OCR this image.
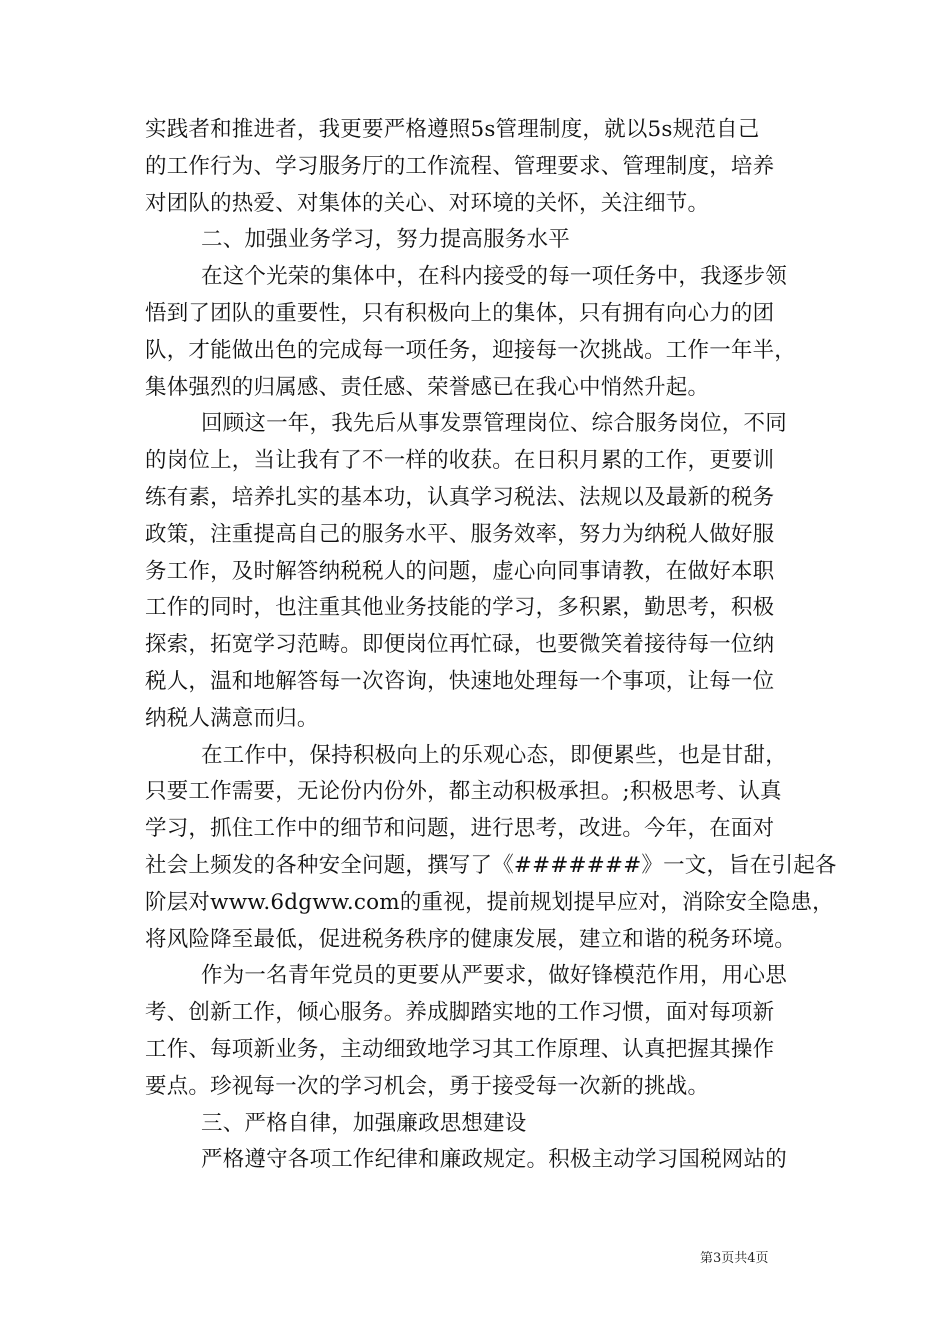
实践者和推进者，我更要严格遵照5s管理制度，就以5s规范自己
的工作行为、学习服务厅的工作流程、管理要求、管理制度，培养
对团队的热爱、对集体的关心、对环境的关怀，关注细节。
二、加强业务学习，努力提高服务水平
在这个光荣的集体中，在科内接受的每一项任务中，我逐步领
悟到了团队的重要性，只有积极向上的集体，只有拥有向心力的团
队，才能做出色的完成每一项任务，迎接每一次挑战。工作一年半，
集体强烈的归属感、责任感、荣誉感已在我心中悄然升起。
回顾这一年，我先后从事发票管理岗位、综合服务岗位，不同
的岗位上，当让我有了不一样的收获。在日积月累的工作，更要训
练有素，培养扎实的基本功，认真学习税法、法规以及最新的税务
政策，注重提高自己的服务水平、服务效率，努力为纳税人做好服
务工作，及时解答纳税税人的问题，虚心向同事请教，在做好本职
工作的同时，也注重其他业务技能的学习，多积累，勤思考，积极
探索，拓宽学习范畴。即便岗位再忙碌，也要微笑着接待每一位纳
税人，温和地解答每一次咨询，快速地处理每一个事项，让每一位
纳税人满意而归。
在工作中，保持积极向上的乐观心态，即便累些，也是甘甜，
只要工作需要，无论份内份外，都主动积极承担。;积极思考、认真
学习，抓住工作中的细节和问题，进行思考，改进。今年，在面对
社会上频发的各种安全问题，撰写了《#######》一文，旨在引起各
阶层对www.6dgww.com的重视，提前规划提早应对，消除安全隐患，
将风险降至最低，促进税务秩序的健康发展，建立和谐的税务环境。
作为一名青年党员的更要从严要求，做好锋模范作用，用心思
考、创新工作，倾心服务。养成脚踏实地的工作习惯，面对每项新
工作、每项新业务，主动细致地学习其工作原理、认真把握其操作
要点。珍视每一次的学习机会，勇于接受每一次新的挑战。
三、严格自律，加强廉政思想建设
严格遵守各项工作纪律和廉政规定。积极主动学习国税网站的
第3页共4页
